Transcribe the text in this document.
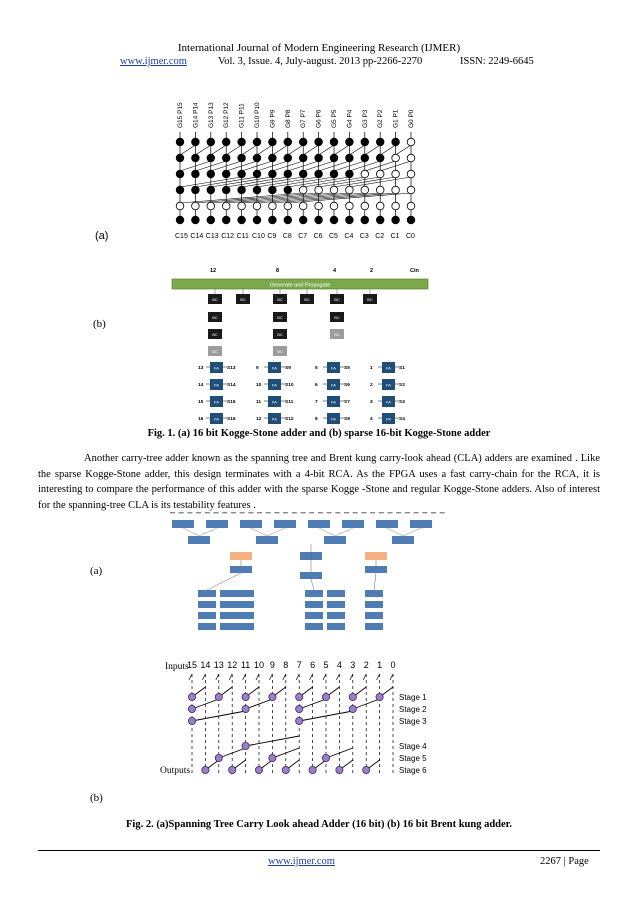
International Journal of Modern Engineering Research (IJMER)
www.ijmer.com	Vol. 3, Issue. 4, July-august. 2013 pp-2266-2270	ISSN: 2249-6645
G15 P15 G14 P14 G13 P13 G12 P12 G11 P11 G10 P10 G9 P9 G8 P8 G7 P7 G6 P6 G5 P5 G4 P4 G3 P3 G2 P2 G1 P1 G0 P0
C15 C14 C13 C12 C11 C10 C9 C8 C7 C6 C5 C4 C3 C2 C1 C0
(a)
12	8	4	2	Cin
Generate and Propagate
BC	BC	BC	BC	BC	BC
BC	BC	BC
BC	BC	BC
BC	BC
13	FA S13
14	FA S14
15	FA S15
16	FA S16
9	FA S9
10	FA S10
11	FA S11
12	FA S12
5	FA S5
6	FA S6
7	FA S7
8	FA S8
1	FA S1
2	FA S2
3	FA S3
4	FA S4
(b)
Fig. 1. (a) 16 bit Kogge-Stone adder and (b) sparse 16-bit Kogge-Stone adder

Another carry-tree adder known as the spanning tree and Brent kung carry-look ahead (CLA) adders are examined . Like the sparse Kogge-Stone adder, this design terminates with a 4-bit RCA. As the FPGA uses a fast carry-chain for the RCA, it is interesting to compare the performance of this adder with the sparse Kogge -Stone and regular Kogge-Stone adders. Also of interest for the spanning-tree CLA is its testability features .

(a)
Inputs
Outputs
15 14 13 12 11 10 9 8 7 6 5 4 3 2 1 0
Stage 1
Stage 2
Stage 3
Stage 4
Stage 5
Stage 6
(b)
Fig. 2. (a)Spanning Tree Carry Look ahead Adder (16 bit) (b) 16 bit Brent kung adder.
www.ijmer.com	2267 | Page
